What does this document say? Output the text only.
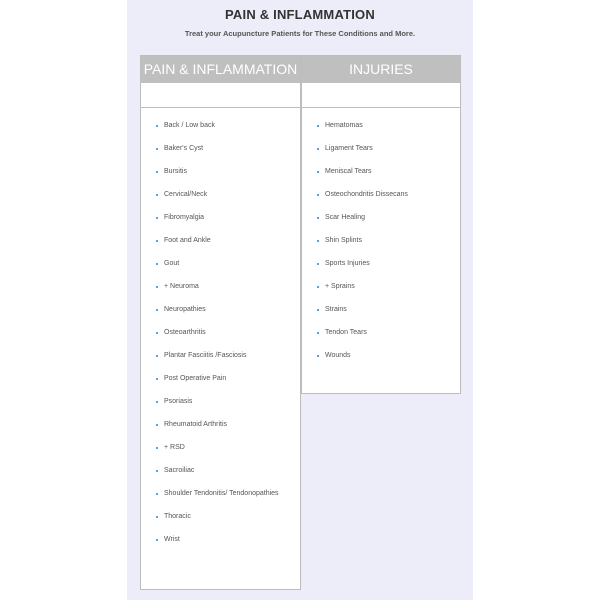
PAIN & INFLAMMATION
Treat your Acupuncture Patients for These Conditions and More.
PAIN & INFLAMMATION
Back / Low back
Baker's Cyst
Bursitis
Cervical/Neck
Fibromyalgia
Foot and Ankle
Gout
+ Neuroma
Neuropathies
Osteoarthritis
Plantar Fasciitis /Fasciosis
Post Operative Pain
Psoriasis
Rheumatoid Arthritis
+ RSD
Sacroiliac
Shoulder Tendonitis/ Tendonopathies
Thoracic
Wrist
INJURIES
Hematomas
Ligament Tears
Meniscal Tears
Osteochondritis Dissecans
Scar Healing
Shin Splints
Sports Injuries
+ Sprains
Strains
Tendon Tears
Wounds
